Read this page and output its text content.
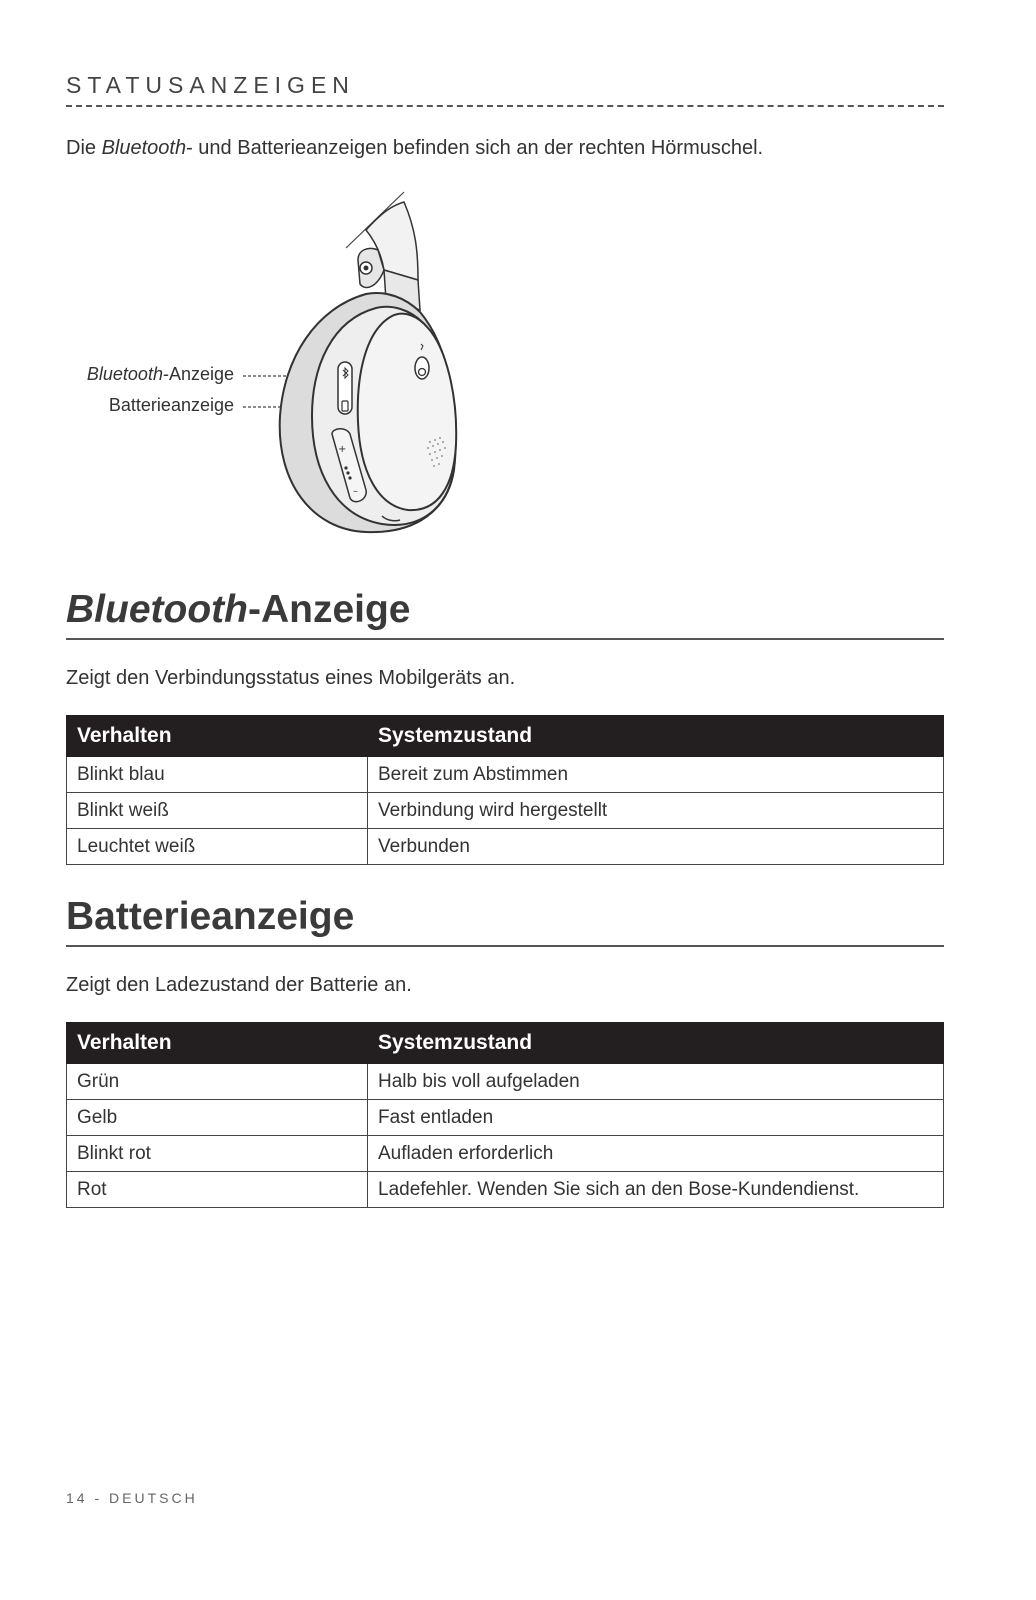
STATUSANZEIGEN
Die Bluetooth- und Batterieanzeigen befinden sich an der rechten Hörmuschel.
Bluetooth-Anzeige
Batterieanzeige
+
–
Bluetooth-Anzeige
Zeigt den Verbindungsstatus eines Mobilgeräts an.
Verhalten	Systemzustand
Blinkt blau	Bereit zum Abstimmen
Blinkt weiß	Verbindung wird hergestellt
Leuchtet weiß	Verbunden
Batterieanzeige
Zeigt den Ladezustand der Batterie an.
Verhalten	Systemzustand
Grün	Halb bis voll aufgeladen
Gelb	Fast entladen
Blinkt rot	Aufladen erforderlich
Rot	Ladefehler. Wenden Sie sich an den Bose-Kundendienst.
14 - DEUTSCH
